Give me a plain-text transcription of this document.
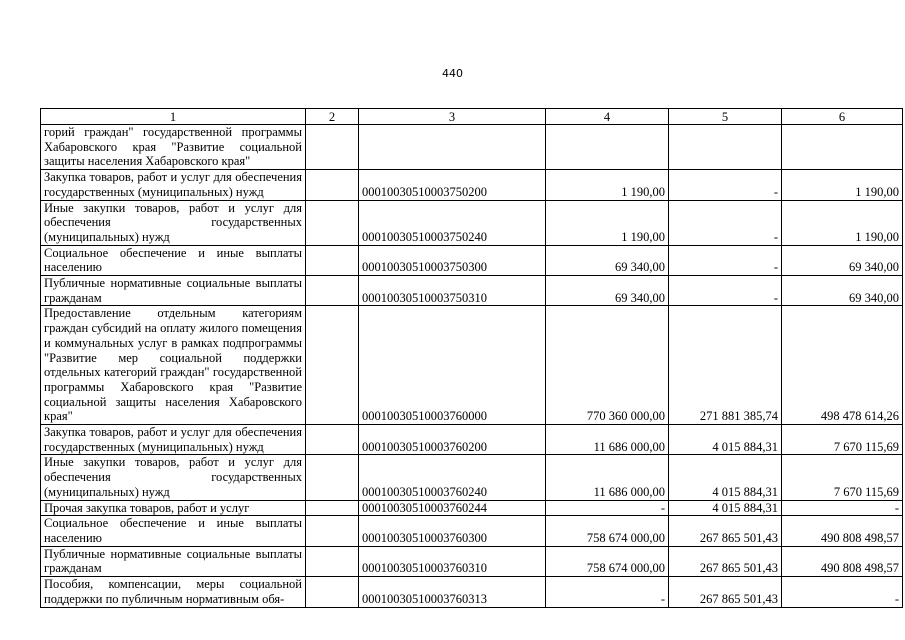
440
1	2	3	4	5	6
горий граждан" государственной программы Хабаровского края "Развитие социальной защиты населения Хабаровского края"					
Закупка товаров, работ и услуг для обеспечения государственных (муниципальных) нужд		00010030510003750200	1 190,00	-	1 190,00
Иные закупки товаров, работ и услуг для обеспечения государственных (муниципальных) нужд		00010030510003750240	1 190,00	-	1 190,00
Социальное обеспечение и иные выплаты населению		00010030510003750300	69 340,00	-	69 340,00
Публичные нормативные социальные выплаты гражданам		00010030510003750310	69 340,00	-	69 340,00
Предоставление отдельным категориям граждан субсидий на оплату жилого помещения и коммунальных услуг в рамках подпрограммы "Развитие мер социальной поддержки отдельных категорий граждан" государственной программы Хабаровского края "Развитие социальной защиты населения Хабаровского края"		00010030510003760000	770 360 000,00	271 881 385,74	498 478 614,26
Закупка товаров, работ и услуг для обеспечения государственных (муниципальных) нужд		00010030510003760200	11 686 000,00	4 015 884,31	7 670 115,69
Иные закупки товаров, работ и услуг для обеспечения государственных (муниципальных) нужд		00010030510003760240	11 686 000,00	4 015 884,31	7 670 115,69
Прочая закупка товаров, работ и услуг		00010030510003760244	-	4 015 884,31	-
Социальное обеспечение и иные выплаты населению		00010030510003760300	758 674 000,00	267 865 501,43	490 808 498,57
Публичные нормативные социальные выплаты гражданам		00010030510003760310	758 674 000,00	267 865 501,43	490 808 498,57
Пособия, компенсации, меры социальной поддержки по публичным нормативным обя-		00010030510003760313	-	267 865 501,43	-
